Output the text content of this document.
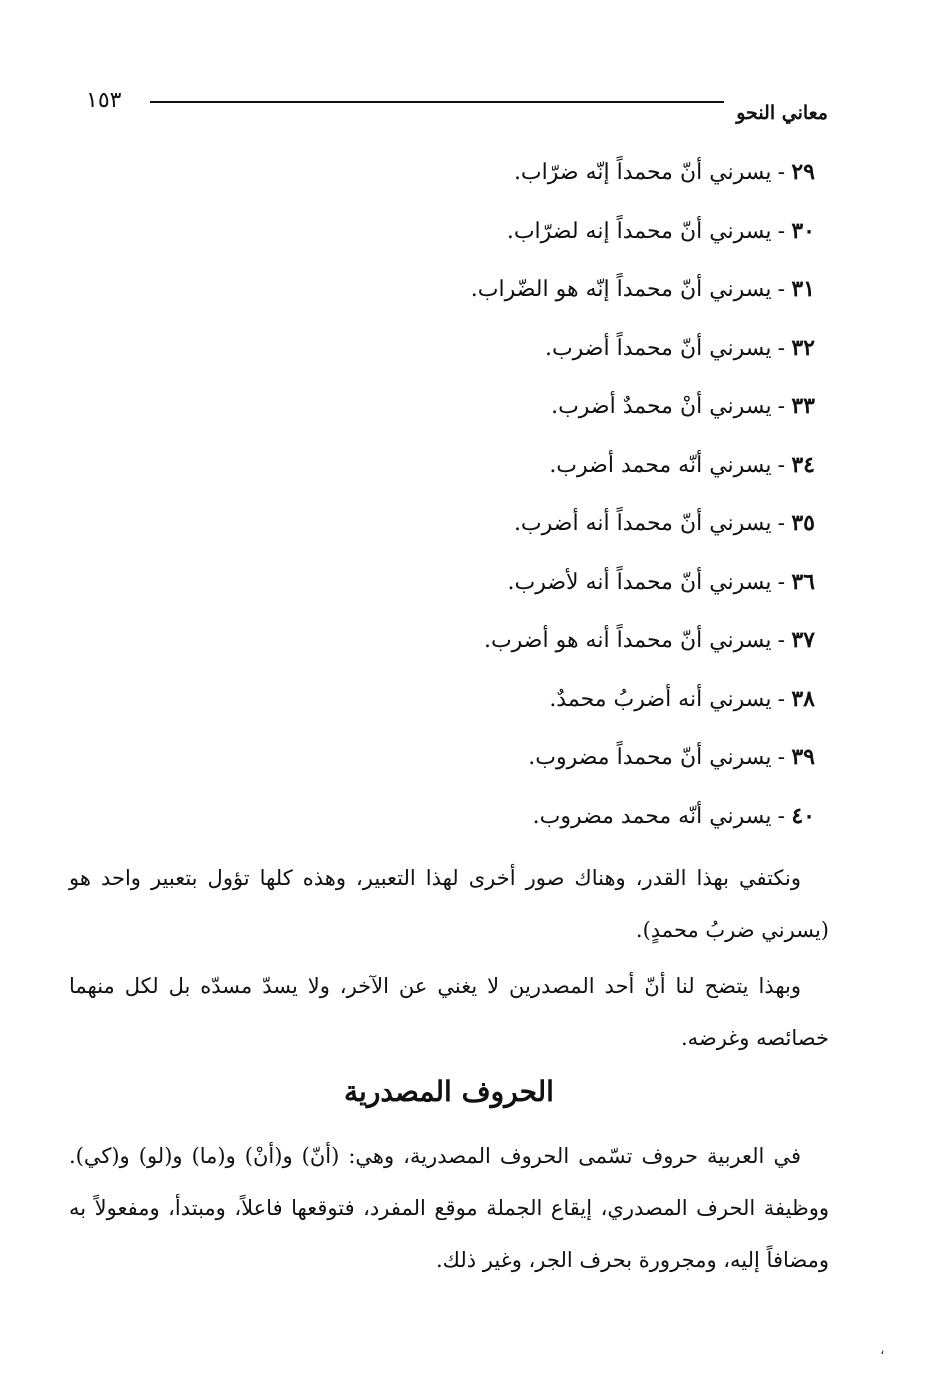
١٥٣	معاني النحو
٢٩-يسرني أنّ محمداً إنّه ضرّاب.
٣٠-يسرني أنّ محمداً إنه لضرّاب.
٣١-يسرني أنّ محمداً إنّه هو الضّراب.
٣٢-يسرني أنّ محمداً أضرب.
٣٣-يسرني أنْ محمدٌ أضرب.
٣٤-يسرني أنّه محمد أضرب.
٣٥-يسرني أنّ محمداً أنه أضرب.
٣٦-يسرني أنّ محمداً أنه لأضرب.
٣٧-يسرني أنّ محمداً أنه هو أضرب.
٣٨-يسرني أنه أضربُ محمدٌ.
٣٩-يسرني أنّ محمداً مضروب.
٤٠-يسرني أنّه محمد مضروب.

ونكتفي بهذا القدر، وهناك صور أخرى لهذا التعبير، وهذه كلها تؤول بتعبير واحد هو (يسرني ضربُ محمدٍ).

وبهذا يتضح لنا أنّ أحد المصدرين لا يغني عن الآخر، ولا يسدّ مسدّه بل لكل منهما خصائصه وغرضه.

الحروف المصدرية

في العربية حروف تسّمى الحروف المصدرية، وهي: (أنّ) و(أنْ) و(ما) و(لو) و(كي). ووظيفة الحرف المصدري، إيقاع الجملة موقع المفرد، فتوقعها فاعلاً، ومبتدأ، ومفعولاً به ومضافاً إليه، ومجرورة بحرف الجر، وغير ذلك.

،
